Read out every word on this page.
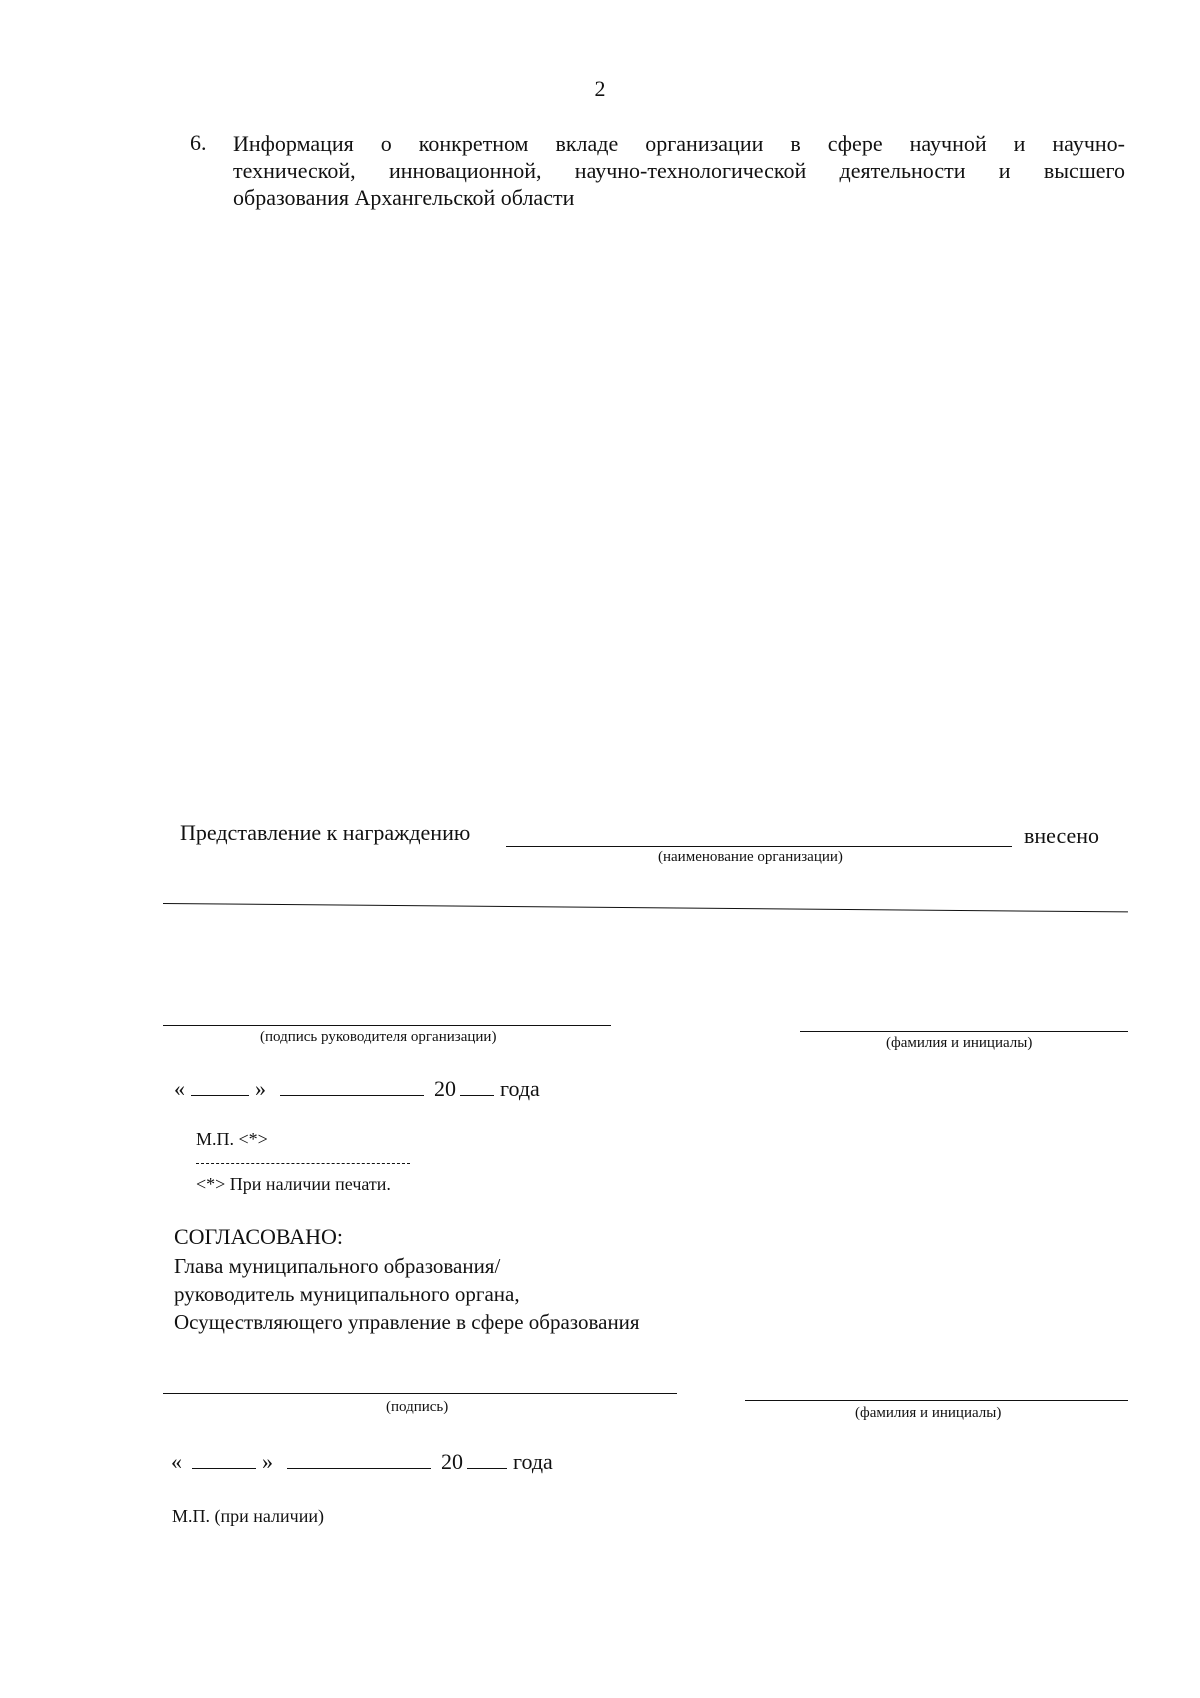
2
6. Информация о конкретном вкладе организации в сфере научной и научно-
технической, инновационной, научно-технологической деятельности и высшего
образования Архангельской области
Представление к награждению	внесено
(наименование организации)
(подпись руководителя организации)	(фамилия и инициалы)
«	»	20 года
М.П. <*>
<*> При наличии печати.
СОГЛАСОВАНО:
Глава муниципального образования/
руководитель муниципального органа,
Осуществляющего управление в сфере образования
(подпись)	(фамилия и инициалы)
«	»	20 года
М.П. (при наличии)
